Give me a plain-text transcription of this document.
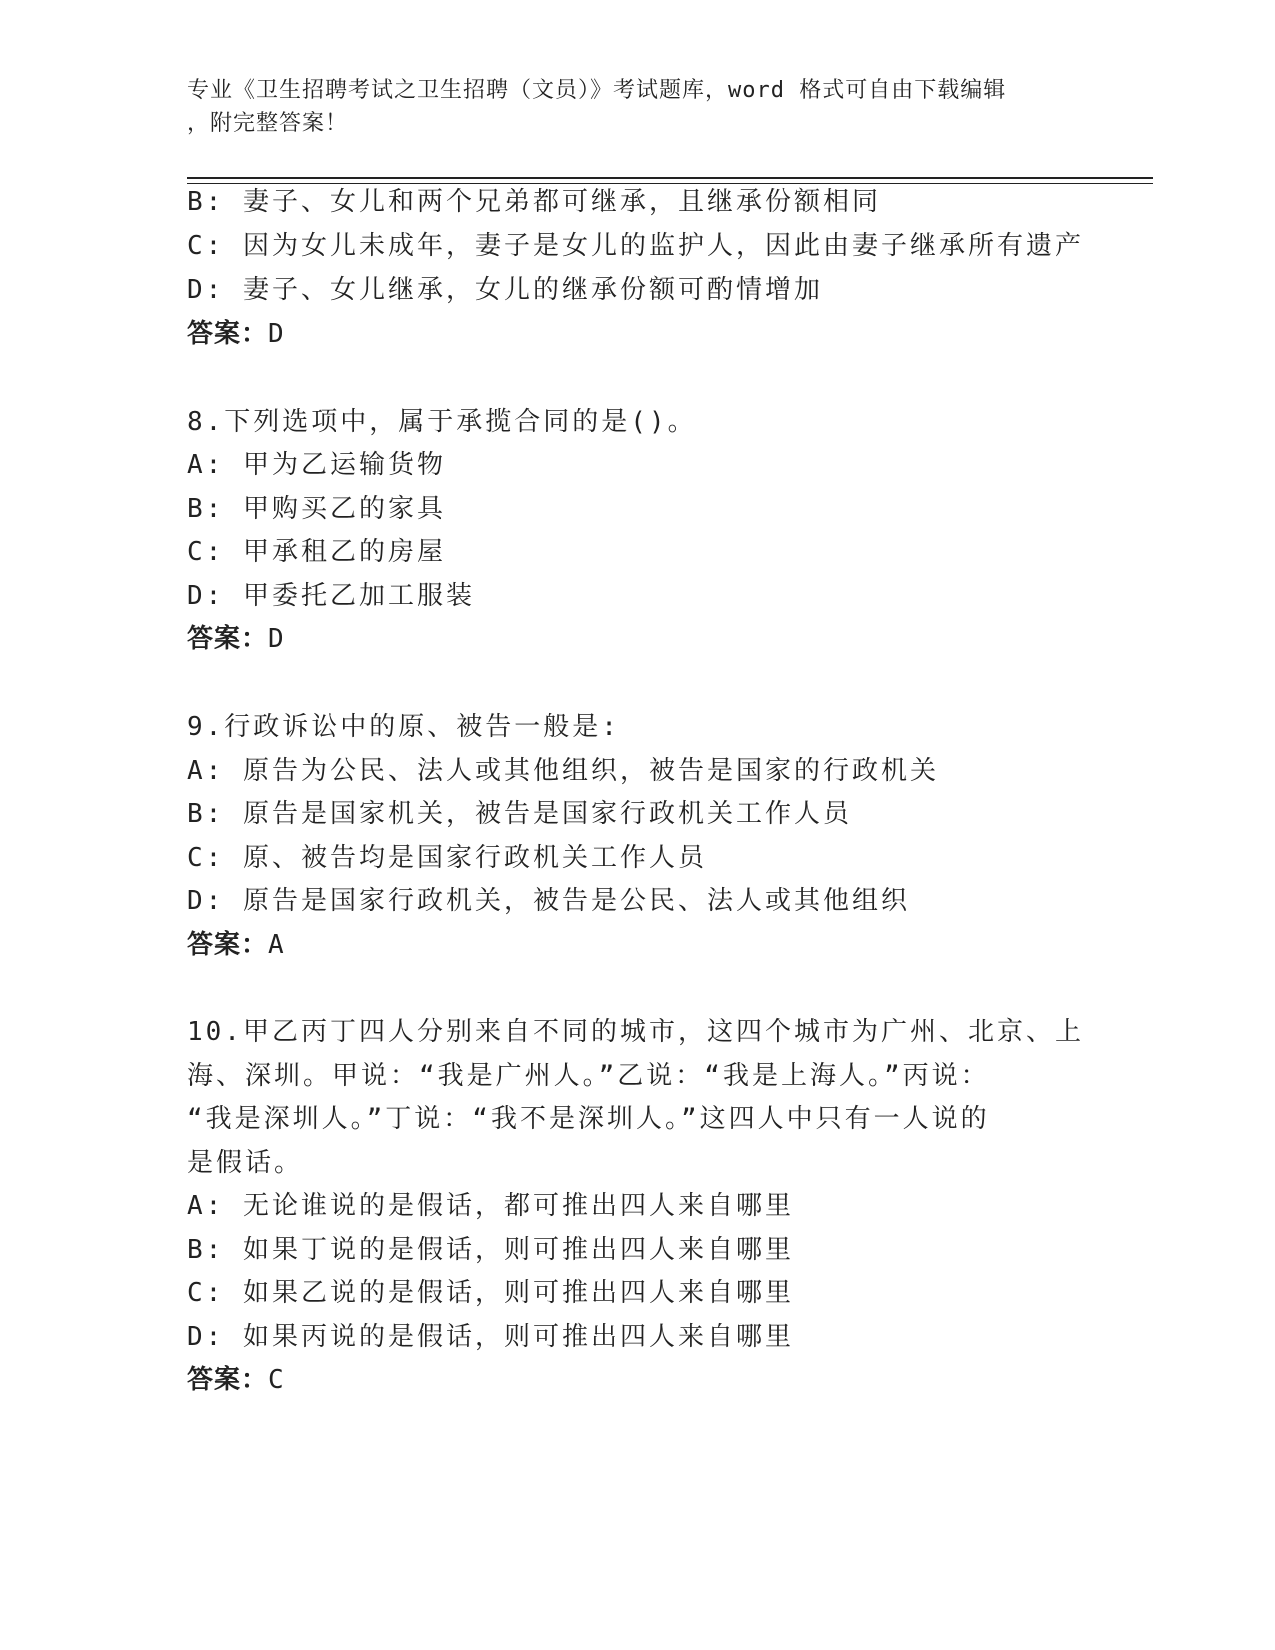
专业《卫生招聘考试之卫生招聘（文员）》考试题库，word 格式可自由下载编辑
，附完整答案！
B: 妻子、女儿和两个兄弟都可继承，且继承份额相同
C: 因为女儿未成年，妻子是女儿的监护人，因此由妻子继承所有遗产
D: 妻子、女儿继承，女儿的继承份额可酌情增加
答案：D
8.下列选项中，属于承揽合同的是()。
A: 甲为乙运输货物
B: 甲购买乙的家具
C: 甲承租乙的房屋
D: 甲委托乙加工服装
答案：D
9.行政诉讼中的原、被告一般是:
A: 原告为公民、法人或其他组织，被告是国家的行政机关
B: 原告是国家机关，被告是国家行政机关工作人员
C: 原、被告均是国家行政机关工作人员
D: 原告是国家行政机关，被告是公民、法人或其他组织
答案：A
10.甲乙丙丁四人分别来自不同的城市，这四个城市为广州、北京、上
海、深圳。甲说：“我是广州人。”乙说：“我是上海人。”丙说：
“我是深圳人。”丁说：“我不是深圳人。”这四人中只有一人说的
是假话。
A: 无论谁说的是假话，都可推出四人来自哪里
B: 如果丁说的是假话，则可推出四人来自哪里
C: 如果乙说的是假话，则可推出四人来自哪里
D: 如果丙说的是假话，则可推出四人来自哪里
答案：C
